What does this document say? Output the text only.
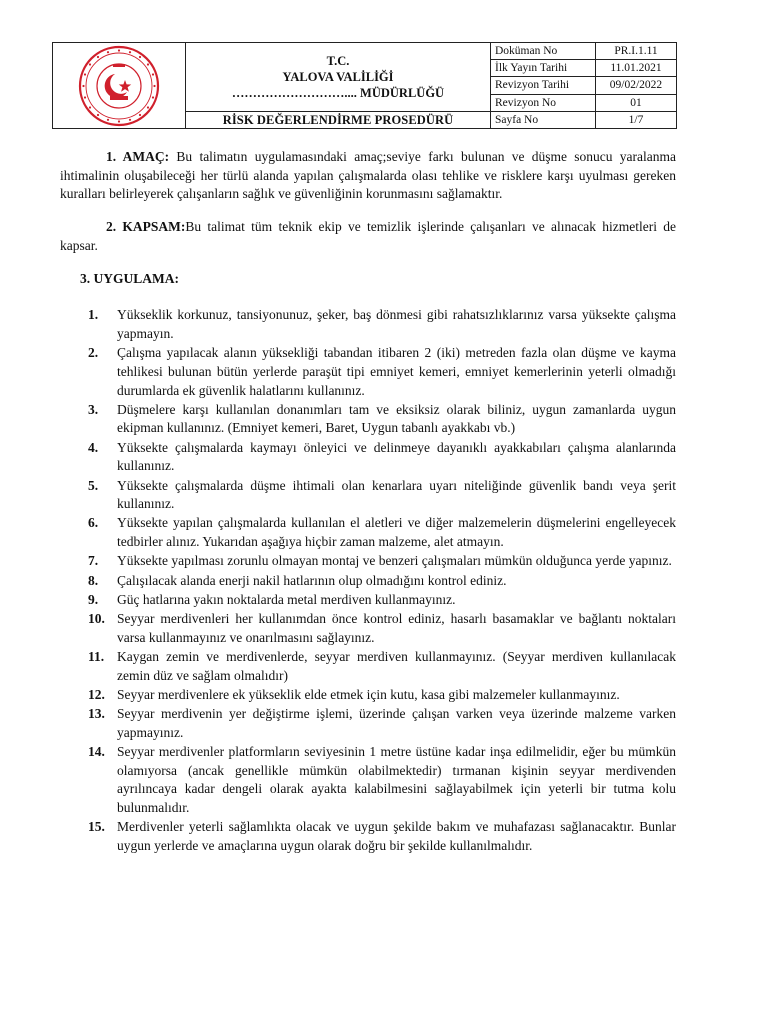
T.C.
YALOVA VALİLİĞİ
……………………….... MÜDÜRLÜĞÜ	Doküman No	PR.I.1.11
		İlk Yayın Tarihi	11.01.2021
		Revizyon Tarihi	09/02/2022
		Revizyon No	01
	RİSK DEĞERLENDİRME PROSEDÜRÜ	Sayfa No	1/7

1. AMAÇ: Bu talimatın uygulamasındaki amaç;seviye farkı bulunan ve düşme sonucu yaralanma ihtimalinin oluşabileceği her türlü alanda yapılan çalışmalarda olası tehlike ve risklere karşı uyulması gereken kuralları belirleyerek çalışanların sağlık ve güvenliğinin korunmasını sağlamaktır.

2. KAPSAM:Bu talimat tüm teknik ekip ve temizlik işlerinde çalışanları ve alınacak hizmetleri de kapsar.

3. UYGULAMA:
1.	Yükseklik korkunuz, tansiyonunuz, şeker, baş dönmesi gibi rahatsızlıklarınız varsa yüksekte çalışma yapmayın.
2.	Çalışma yapılacak alanın yüksekliği tabandan itibaren 2 (iki) metreden fazla olan düşme ve kayma tehlikesi bulunan bütün yerlerde paraşüt tipi emniyet kemeri, emniyet kemerlerinin yeterli olmadığı durumlarda ek güvenlik halatlarını kullanınız.
3.	Düşmelere karşı kullanılan donanımları tam ve eksiksiz olarak biliniz, uygun zamanlarda uygun ekipman kullanınız. (Emniyet kemeri, Baret, Uygun tabanlı ayakkabı vb.)
4.	Yüksekte çalışmalarda kaymayı önleyici ve delinmeye dayanıklı ayakkabıları çalışma alanlarında kullanınız.
5.	Yüksekte çalışmalarda düşme ihtimali olan kenarlara uyarı niteliğinde güvenlik bandı veya şerit kullanınız.
6.	Yüksekte yapılan çalışmalarda kullanılan el aletleri ve diğer malzemelerin düşmelerini engelleyecek tedbirler alınız. Yukarıdan aşağıya hiçbir zaman malzeme, alet atmayın.
7.	Yüksekte yapılması zorunlu olmayan montaj ve benzeri çalışmaları mümkün olduğunca yerde yapınız.
8.	Çalışılacak alanda enerji nakil hatlarının olup olmadığını kontrol ediniz.
9.	Güç hatlarına yakın noktalarda metal merdiven kullanmayınız.
10. Seyyar merdivenleri her kullanımdan önce kontrol ediniz, hasarlı basamaklar ve bağlantı noktaları varsa kullanmayınız ve onarılmasını sağlayınız.
11. Kaygan zemin ve merdivenlerde, seyyar merdiven kullanmayınız. (Seyyar merdiven kullanılacak zemin düz ve sağlam olmalıdır)
12. Seyyar merdivenlere ek yükseklik elde etmek için kutu, kasa gibi malzemeler kullanmayınız.
13. Seyyar merdivenin yer değiştirme işlemi, üzerinde çalışan varken veya üzerinde malzeme varken yapmayınız.
14. Seyyar merdivenler platformların seviyesinin 1 metre üstüne kadar inşa edilmelidir, eğer bu mümkün olamıyorsa (ancak genellikle mümkün olabilmektedir) tırmanan kişinin seyyar merdivenden ayrılıncaya kadar dengeli olarak ayakta kalabilmesini sağlayabilmek için yeterli bir tutma kolu bulunmalıdır.
15. Merdivenler yeterli sağlamlıkta olacak ve uygun şekilde bakım ve muhafazası sağlanacaktır. Bunlar uygun yerlerde ve amaçlarına uygun olarak doğru bir şekilde kullanılmalıdır.
